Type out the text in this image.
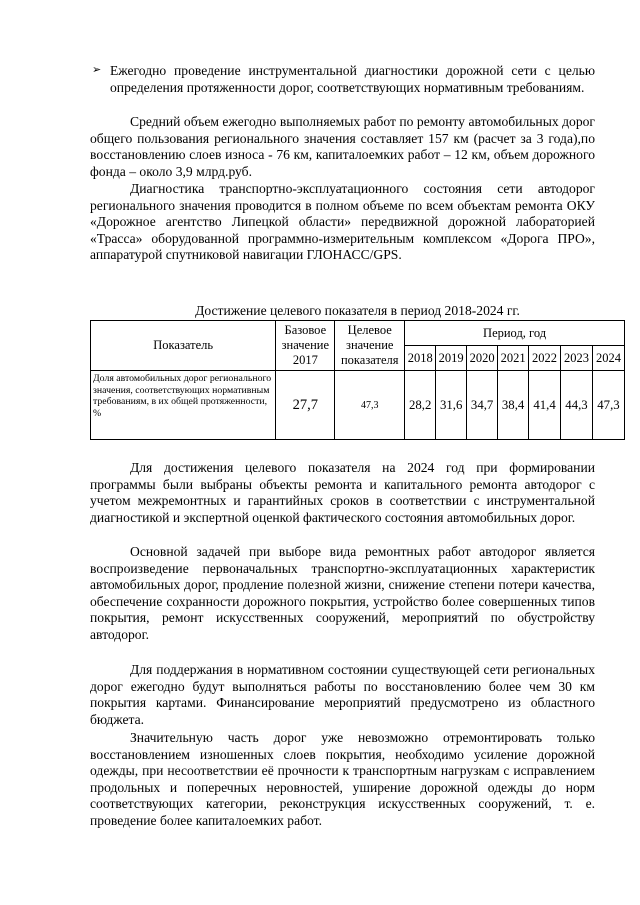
➢ Ежегодно проведение инструментальной диагностики дорожной сети с целью определения протяженности дорог, соответствующих нормативным требованиям.

Средний объем ежегодно выполняемых работ по ремонту автомобильных дорог общего пользования регионального значения составляет 157 км (расчет за 3 года),по восстановлению слоев износа - 76 км, капиталоемких работ – 12 км, объем дорожного фонда – около 3,9 млрд.руб.

Диагностика транспортно-эксплуатационного состояния сети автодорог регионального значения проводится в полном объеме по всем объектам ремонта ОКУ «Дорожное агентство Липецкой области» передвижной дорожной лабораторией «Трасса» оборудованной программно-измерительным комплексом «Дорога ПРО», аппаратурой спутниковой навигации ГЛОНАСС/GPS.

Достижение целевого показателя в период 2018-2024 гг.
Показатель	Базовое значение 2017	Целевое значение показателя	Период, год						
			2018	2019	2020	2021	2022	2023	2024
Доля автомобильных дорог регионального значения, соответствующих нормативным требованиям, в их общей протяженности, %	27,7	47,3	28,2	31,6	34,7	38,4	41,4	44,3	47,3

Для достижения целевого показателя на 2024 год при формировании программы были выбраны объекты ремонта и капитального ремонта автодорог с учетом межремонтных и гарантийных сроков в соответствии с инструментальной диагностикой и экспертной оценкой фактического состояния автомобильных дорог.

Основной задачей при выборе вида ремонтных работ автодорог является воспроизведение первоначальных транспортно-эксплуатационных характеристик автомобильных дорог, продление полезной жизни, снижение степени потери качества, обеспечение сохранности дорожного покрытия, устройство более совершенных типов покрытия, ремонт искусственных сооружений, мероприятий по обустройству автодорог.

Для поддержания в нормативном состоянии существующей сети региональных дорог ежегодно будут выполняться работы по восстановлению более чем 30 км покрытия картами. Финансирование мероприятий предусмотрено из областного бюджета.

Значительную часть дорог уже невозможно отремонтировать только восстановлением изношенных слоев покрытия, необходимо усиление дорожной одежды, при несоответствии её прочности к транспортным нагрузкам с исправлением продольных и поперечных неровностей, уширение дорожной одежды до норм соответствующих категории, реконструкция искусственных сооружений, т. е. проведение более капиталоемких работ.
